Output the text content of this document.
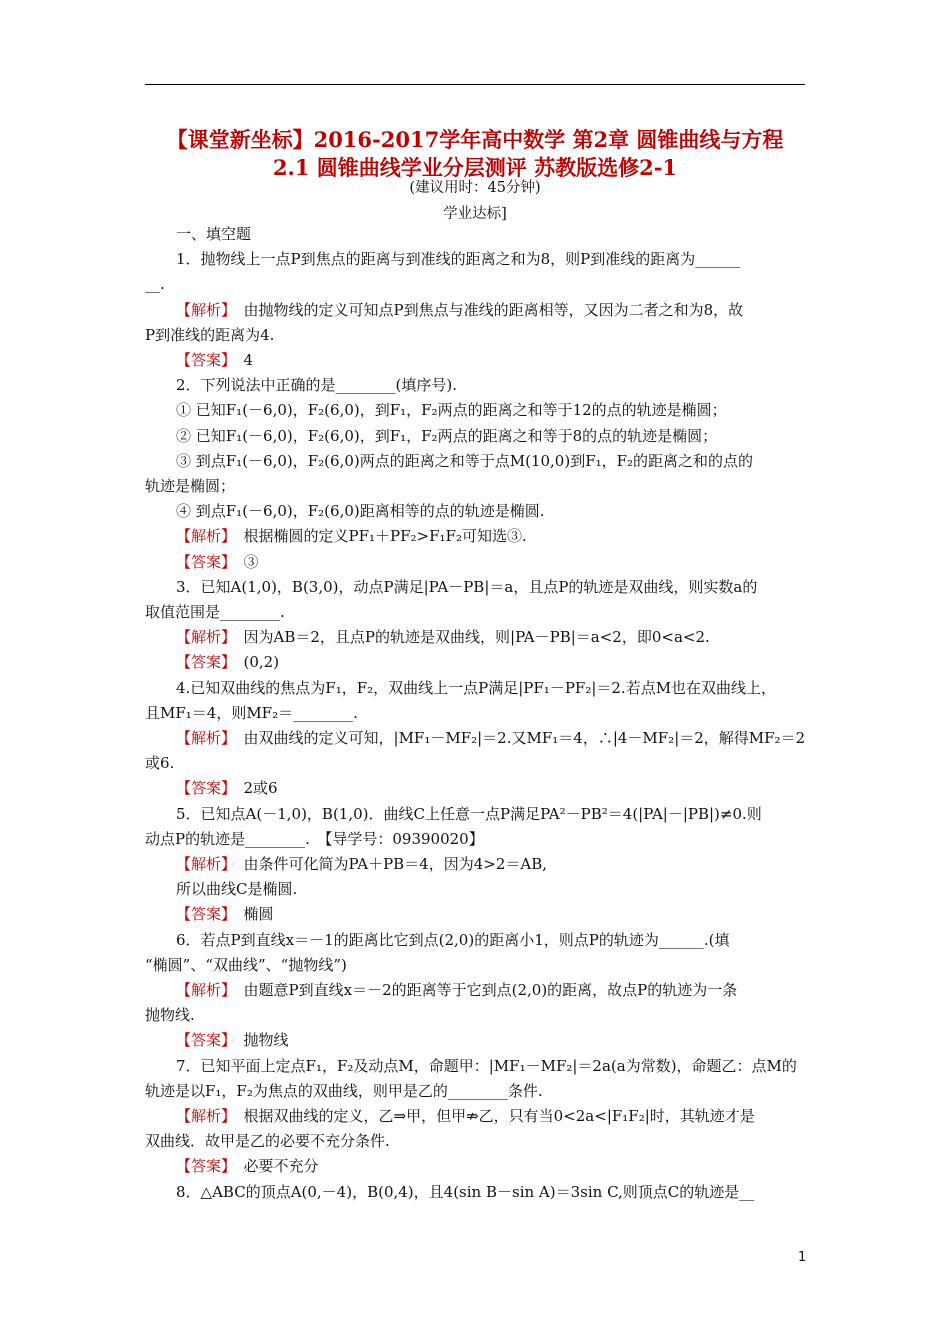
【课堂新坐标】2016-2017学年高中数学 第2章 圆锥曲线与方程
2.1 圆锥曲线学业分层测评 苏教版选修2-1
(建议用时：45分钟)
学业达标]
一、填空题
1．抛物线上一点P到焦点的距离与到准线的距离之和为8，则P到准线的距离为______
__.
【解析】　由抛物线的定义可知点P到焦点与准线的距离相等，又因为二者之和为8，故
P到准线的距离为4.
【答案】　4
2．下列说法中正确的是________(填序号).
① 已知F₁(－6,0)，F₂(6,0)，到F₁，F₂两点的距离之和等于12的点的轨迹是椭圆；
② 已知F₁(－6,0)，F₂(6,0)，到F₁，F₂两点的距离之和等于8的点的轨迹是椭圆；
③ 到点F₁(－6,0)，F₂(6,0)两点的距离之和等于点M(10,0)到F₁，F₂的距离之和的点的
轨迹是椭圆；
④ 到点F₁(－6,0)，F₂(6,0)距离相等的点的轨迹是椭圆.
【解析】　根据椭圆的定义PF₁＋PF₂>F₁F₂可知选③.
【答案】　③
3．已知A(1,0)，B(3,0)，动点P满足|PA－PB|＝a，且点P的轨迹是双曲线，则实数a的
取值范围是________.
【解析】　因为AB＝2，且点P的轨迹是双曲线，则|PA－PB|＝a<2，即0<a<2.
【答案】　(0,2)
4.已知双曲线的焦点为F₁，F₂，双曲线上一点P满足|PF₁－PF₂|＝2.若点M也在双曲线上，
且MF₁＝4，则MF₂＝________.
【解析】　由双曲线的定义可知，|MF₁－MF₂|＝2.又MF₁＝4，∴|4－MF₂|＝2，解得MF₂＝2
或6.
【答案】　2或6
5．已知点A(－1,0)，B(1,0)．曲线C上任意一点P满足PA²－PB²＝4(|PA|－|PB|)≠0.则
动点P的轨迹是________.　【导学号：09390020】
【解析】　由条件可化简为PA＋PB＝4，因为4>2＝AB,
所以曲线C是椭圆.
【答案】　椭圆
6．若点P到直线x＝－1的距离比它到点(2,0)的距离小1，则点P的轨迹为______.(填
“椭圆”、“双曲线”、“抛物线”)
【解析】　由题意P到直线x＝－2的距离等于它到点(2,0)的距离，故点P的轨迹为一条
抛物线.
【答案】　抛物线
7．已知平面上定点F₁，F₂及动点M，命题甲：|MF₁－MF₂|＝2a(a为常数)，命题乙：点M的
轨迹是以F₁，F₂为焦点的双曲线，则甲是乙的________条件.
【解析】　根据双曲线的定义，乙⇒甲，但甲⇏乙，只有当0<2a<|F₁F₂|时，其轨迹才是
双曲线．故甲是乙的必要不充分条件.
【答案】　必要不充分
8．△ABC的顶点A(0,－4)，B(0,4)，且4(sin B－sin A)＝3sin C,则顶点C的轨迹是__
1
